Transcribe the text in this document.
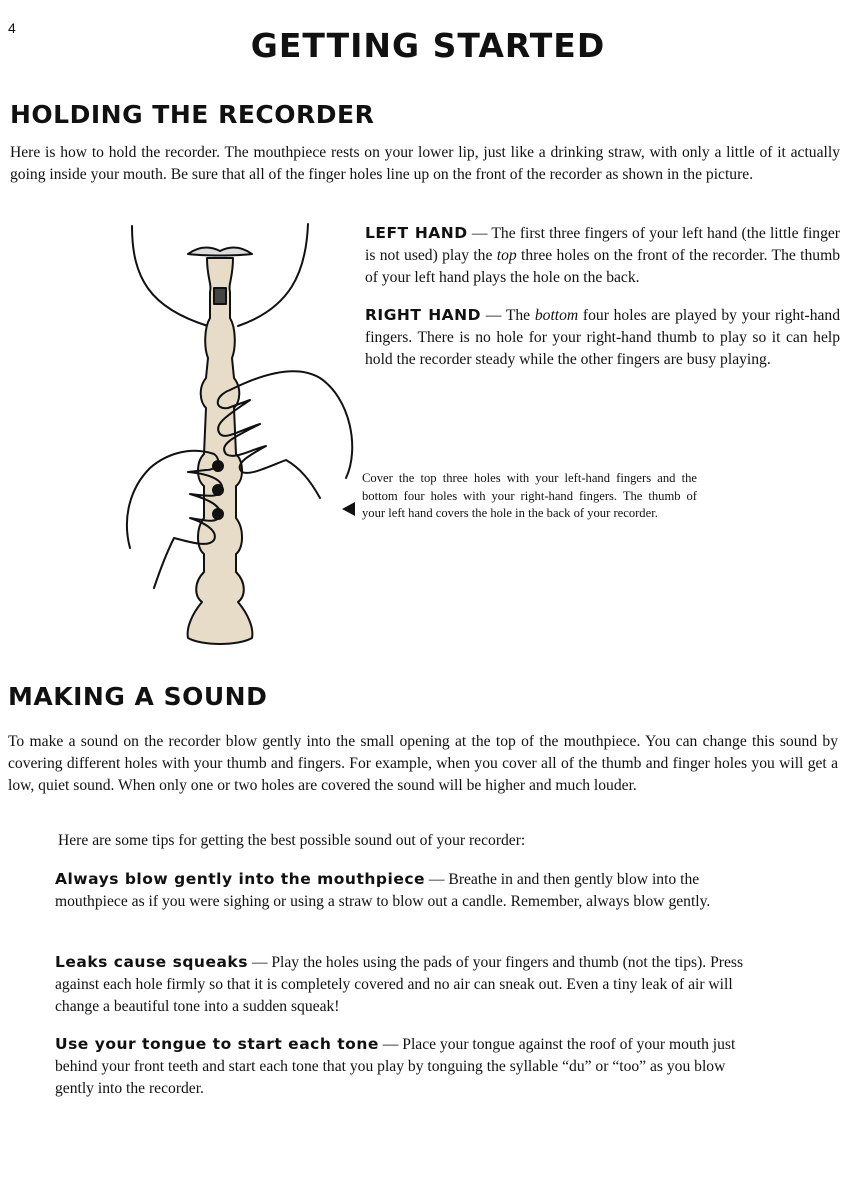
4	GETTING STARTED
HOLDING THE RECORDER
Here is how to hold the recorder. The mouthpiece rests on your lower lip, just like a drinking straw, with only a little of it actually going inside your mouth. Be sure that all of the finger holes line up on the front of the recorder as shown in the picture.
LEFT HAND — The first three fingers of your left hand (the little finger is not used) play the top three holes on the front of the recorder. The thumb of your left hand plays the hole on the back.
RIGHT HAND — The bottom four holes are played by your right-hand fingers. There is no hole for your right-hand thumb to play so it can help hold the recorder steady while the other fingers are busy playing.
Cover the top three holes with your left-hand fingers and the bottom four holes with your right-hand fingers. The thumb of your left hand covers the hole in the back of your recorder.
MAKING A SOUND
To make a sound on the recorder blow gently into the small opening at the top of the mouthpiece. You can change this sound by covering different holes with your thumb and fingers. For example, when you cover all of the thumb and finger holes you will get a low, quiet sound. When only one or two holes are covered the sound will be higher and much louder.
Here are some tips for getting the best possible sound out of your recorder:
Always blow gently into the mouthpiece — Breathe in and then gently blow into the mouthpiece as if you were sighing or using a straw to blow out a candle. Remember, always blow gently.
Leaks cause squeaks — Play the holes using the pads of your fingers and thumb (not the tips). Press against each hole firmly so that it is completely covered and no air can sneak out. Even a tiny leak of air will change a beautiful tone into a sudden squeak!
Use your tongue to start each tone — Place your tongue against the roof of your mouth just behind your front teeth and start each tone that you play by tonguing the syllable “du” or “too” as you blow gently into the recorder.
